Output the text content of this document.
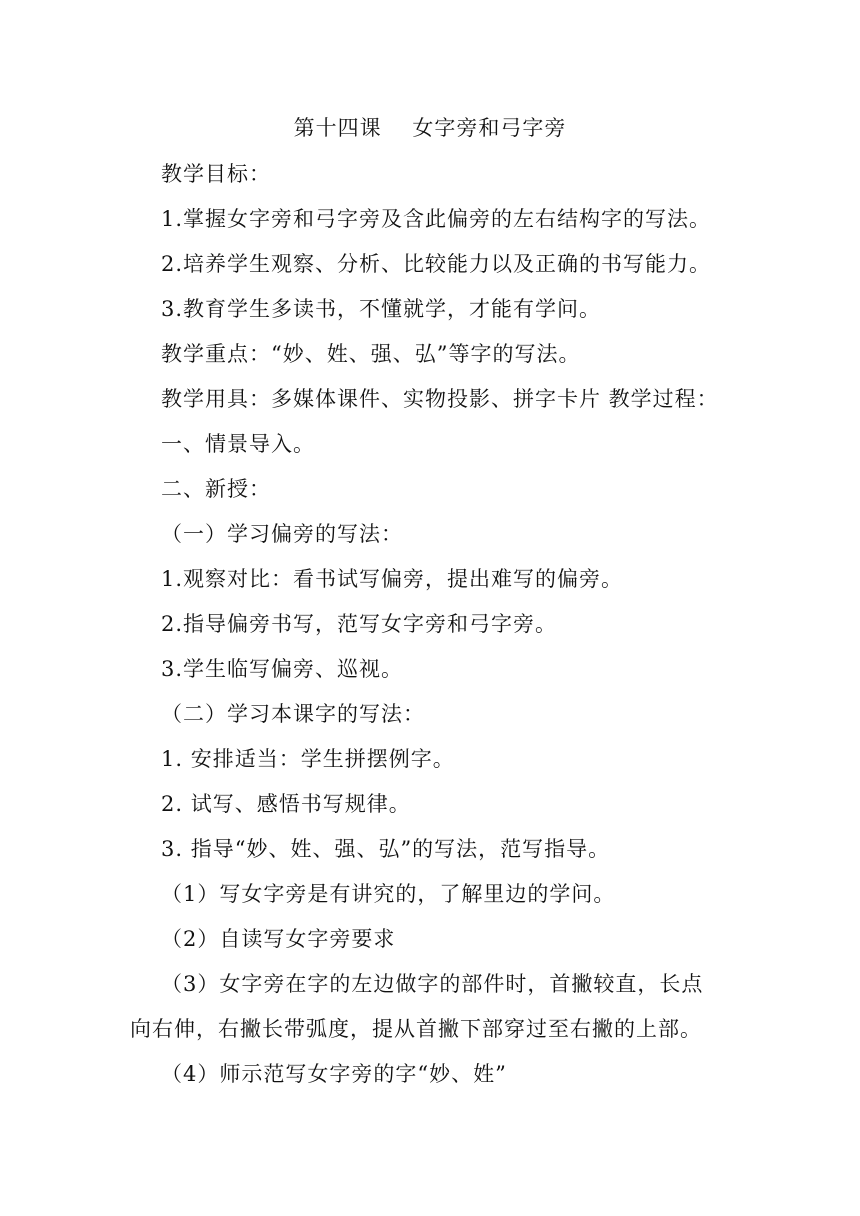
第十四课    女字旁和弓字旁
教学目标：
1.掌握女字旁和弓字旁及含此偏旁的左右结构字的写法。
2.培养学生观察、分析、比较能力以及正确的书写能力。
3.教育学生多读书，不懂就学，才能有学问。
教学重点：“妙、姓、强、弘”等字的写法。
教学用具：多媒体课件、实物投影、拼字卡片 教学过程：
一、情景导入。
二、新授：
（一）学习偏旁的写法：
1.观察对比：看书试写偏旁，提出难写的偏旁。
2.指导偏旁书写，范写女字旁和弓字旁。
3.学生临写偏旁、巡视。
（二）学习本课字的写法：
1. 安排适当：学生拼摆例字。
2. 试写、感悟书写规律。
3. 指导“妙、姓、强、弘”的写法，范写指导。
（1）写女字旁是有讲究的，了解里边的学问。
（2）自读写女字旁要求
（3）女字旁在字的左边做字的部件时，首撇较直，长点
向右伸，右撇长带弧度，提从首撇下部穿过至右撇的上部。
（4）师示范写女字旁的字“妙、姓”
